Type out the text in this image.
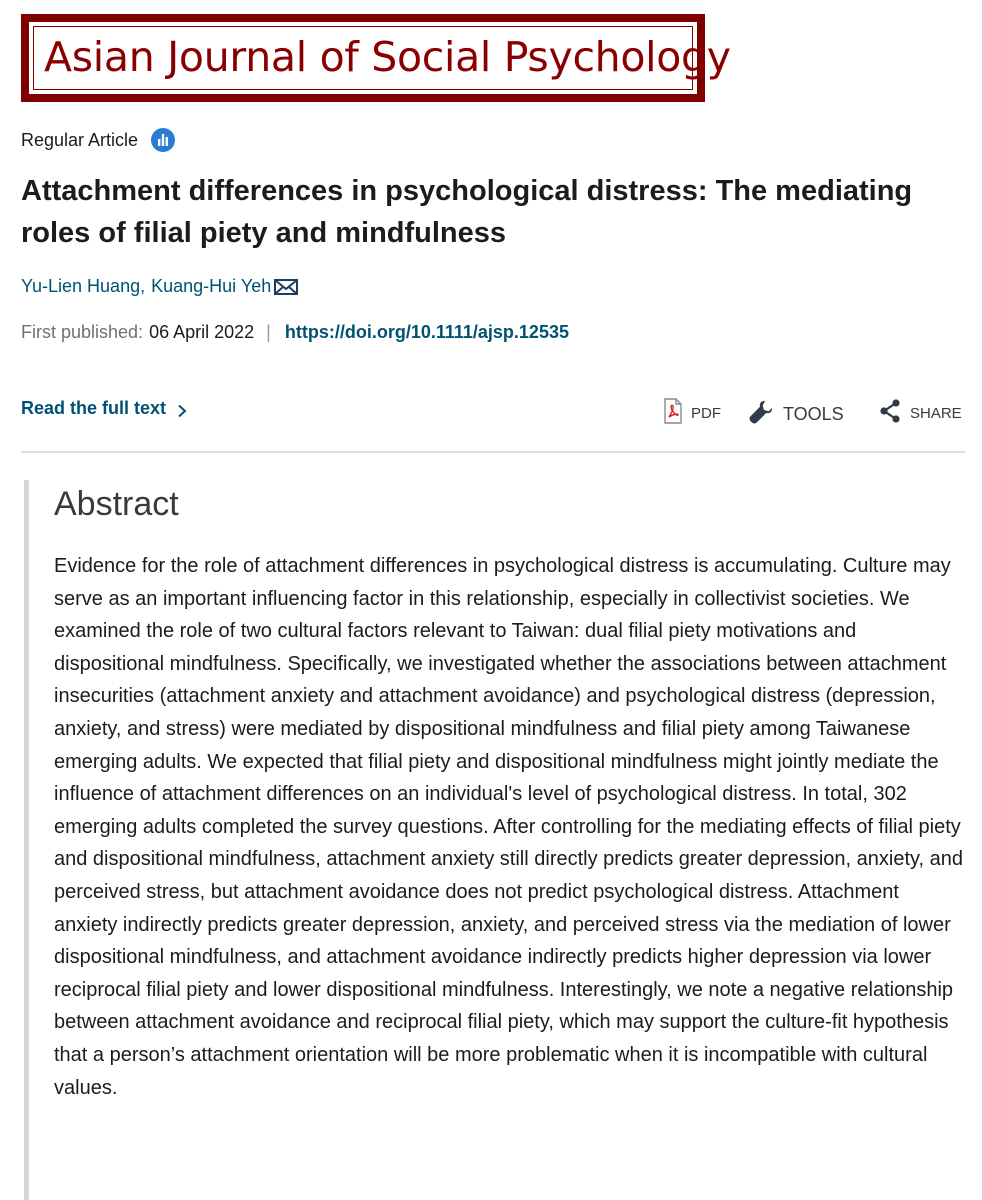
Asian Journal of Social Psychology
Regular Article
Attachment differences in psychological distress: The mediating roles of filial piety and mindfulness
Yu-Lien Huang , Kuang-Hui Yeh
First published: 06 April 2022 | https://doi.org/10.1111/ajsp.12535
Read the full text	PDF	TOOLS	SHARE
Abstract

Evidence for the role of attachment differences in psychological distress is accumulating. Culture may serve as an important influencing factor in this relationship, especially in collectivist societies. We examined the role of two cultural factors relevant to Taiwan: dual filial piety motivations and dispositional mindfulness. Specifically, we investigated whether the associations between attachment insecurities (attachment anxiety and attachment avoidance) and psychological distress (depression, anxiety, and stress) were mediated by dispositional mindfulness and filial piety among Taiwanese emerging adults. We expected that filial piety and dispositional mindfulness might jointly mediate the influence of attachment differences on an individual's level of psychological distress. In total, 302 emerging adults completed the survey questions. After controlling for the mediating effects of filial piety and dispositional mindfulness, attachment anxiety still directly predicts greater depression, anxiety, and perceived stress, but attachment avoidance does not predict psychological distress. Attachment anxiety indirectly predicts greater depression, anxiety, and perceived stress via the mediation of lower dispositional mindfulness, and attachment avoidance indirectly predicts higher depression via lower reciprocal filial piety and lower dispositional mindfulness. Interestingly, we note a negative relationship between attachment avoidance and reciprocal filial piety, which may support the culture-fit hypothesis that a person’s attachment orientation will be more problematic when it is incompatible with cultural values.
